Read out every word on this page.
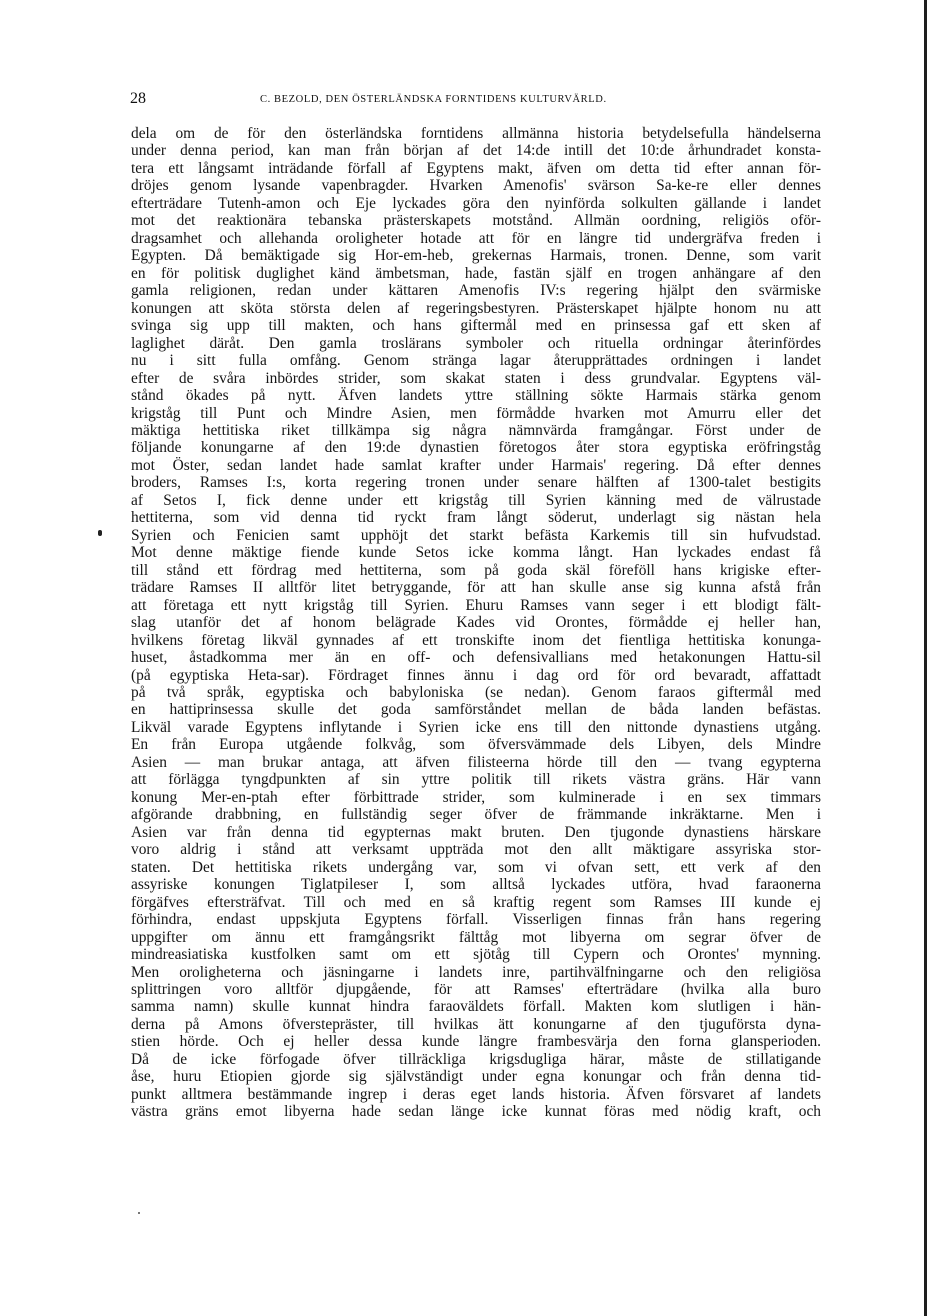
28	C. BEZOLD, DEN ÖSTERLÄNDSKA FORNTIDENS KULTURVÄRLD.
dela om de för den österländska forntidens allmänna historia betydelsefulla händelserna
under denna period, kan man från början af det 14:de intill det 10:de århundradet konsta-
tera ett långsamt inträdande förfall af Egyptens makt, äfven om detta tid efter annan för-
dröjes genom lysande vapenbragder. Hvarken Amenofis' svärson Sa-ke-re eller dennes
efterträdare Tutenh-amon och Eje lyckades göra den nyinförda solkulten gällande i landet
mot det reaktionära tebanska prästerskapets motstånd. Allmän oordning, religiös oför-
dragsamhet och allehanda oroligheter hotade att för en längre tid undergräfva freden i
Egypten. Då bemäktigade sig Hor-em-heb, grekernas Harmais, tronen. Denne, som varit
en för politisk duglighet känd ämbetsman, hade, fastän själf en trogen anhängare af den
gamla religionen, redan under kättaren Amenofis IV:s regering hjälpt den svärmiske
konungen att sköta största delen af regeringsbestyren. Prästerskapet hjälpte honom nu att
svinga sig upp till makten, och hans giftermål med en prinsessa gaf ett sken af
laglighet däråt. Den gamla troslärans symboler och rituella ordningar återinfördes
nu i sitt fulla omfång. Genom stränga lagar återupprättades ordningen i landet
efter de svåra inbördes strider, som skakat staten i dess grundvalar. Egyptens väl-
stånd ökades på nytt. Äfven landets yttre ställning sökte Harmais stärka genom
krigståg till Punt och Mindre Asien, men förmådde hvarken mot Amurru eller det
mäktiga hettitiska riket tillkämpa sig några nämnvärda framgångar. Först under de
följande konungarne af den 19:de dynastien företogos åter stora egyptiska eröfringståg
mot Öster, sedan landet hade samlat krafter under Harmais' regering. Då efter dennes
broders, Ramses I:s, korta regering tronen under senare hälften af 1300-talet bestigits
af Setos I, fick denne under ett krigståg till Syrien känning med de välrustade
hettiterna, som vid denna tid ryckt fram långt söderut, underlagt sig nästan hela
Syrien och Fenicien samt upphöjt det starkt befästa Karkemis till sin hufvudstad.
Mot denne mäktige fiende kunde Setos icke komma långt. Han lyckades endast få
till stånd ett fördrag med hettiterna, som på goda skäl föreföll hans krigiske efter-
trädare Ramses II alltför litet betryggande, för att han skulle anse sig kunna afstå från
att företaga ett nytt krigståg till Syrien. Ehuru Ramses vann seger i ett blodigt fält-
slag utanför det af honom belägrade Kades vid Orontes, förmådde ej heller han,
hvilkens företag likväl gynnades af ett tronskifte inom det fientliga hettitiska konunga-
huset, åstadkomma mer än en off- och defensivallians med hetakonungen Hattu-sil
(på egyptiska Heta-sar). Fördraget finnes ännu i dag ord för ord bevaradt, affattadt
på två språk, egyptiska och babyloniska (se nedan). Genom faraos giftermål med
en hattiprinsessa skulle det goda samförståndet mellan de båda landen befästas.
Likväl varade Egyptens inflytande i Syrien icke ens till den nittonde dynastiens utgång.
En från Europa utgående folkvåg, som öfversvämmade dels Libyen, dels Mindre
Asien — man brukar antaga, att äfven filisteerna hörde till den — tvang egypterna
att förlägga tyngdpunkten af sin yttre politik till rikets västra gräns. Här vann
konung Mer-en-ptah efter förbittrade strider, som kulminerade i en sex timmars
afgörande drabbning, en fullständig seger öfver de främmande inkräktarne. Men i
Asien var från denna tid egypternas makt bruten. Den tjugonde dynastiens härskare
voro aldrig i stånd att verksamt uppträda mot den allt mäktigare assyriska stor-
staten. Det hettitiska rikets undergång var, som vi ofvan sett, ett verk af den
assyriske konungen Tiglatpileser I, som alltså lyckades utföra, hvad faraonerna
förgäfves eftersträfvat. Till och med en så kraftig regent som Ramses III kunde ej
förhindra, endast uppskjuta Egyptens förfall. Visserligen finnas från hans regering
uppgifter om ännu ett framgångsrikt fälttåg mot libyerna om segrar öfver de
mindreasiatiska kustfolken samt om ett sjötåg till Cypern och Orontes' mynning.
Men oroligheterna och jäsningarne i landets inre, partihvälfningarne och den religiösa
splittringen voro alltför djupgående, för att Ramses' efterträdare (hvilka alla buro
samma namn) skulle kunnat hindra faraoväldets förfall. Makten kom slutligen i hän-
derna på Amons öfverstepräster, till hvilkas ätt konungarne af den tjuguförsta dyna-
stien hörde. Och ej heller dessa kunde längre frambesvärja den forna glansperioden.
Då de icke förfogade öfver tillräckliga krigsdugliga härar, måste de stillatigande
åse, huru Etiopien gjorde sig självständigt under egna konungar och från denna tid-
punkt alltmera bestämmande ingrep i deras eget lands historia. Äfven försvaret af landets
västra gräns emot libyerna hade sedan länge icke kunnat föras med nödig kraft, och
